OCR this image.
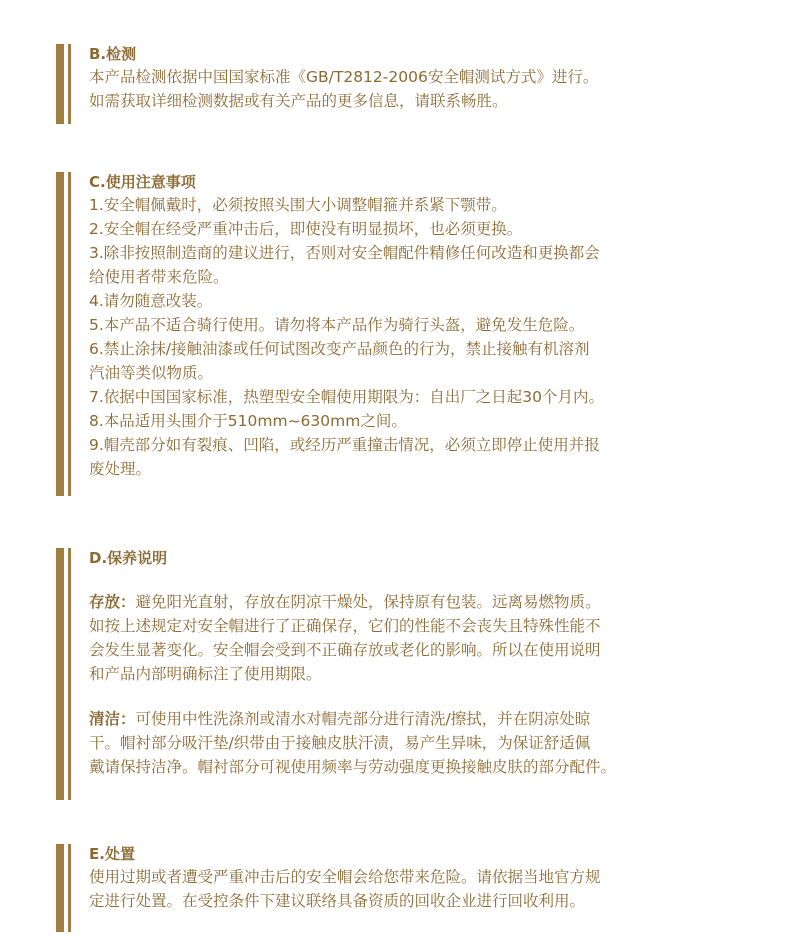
B.检测
本产品检测依据中国国家标准《GB/T2812-2006安全帽测试方式》进行。
如需获取详细检测数据或有关产品的更多信息，请联系畅胜。
C.使用注意事项
1.安全帽佩戴时，必须按照头围大小调整帽箍并系紧下颚带。
2.安全帽在经受严重冲击后，即使没有明显损坏，也必须更换。
3.除非按照制造商的建议进行，否则对安全帽配件精修任何改造和更换都会
给使用者带来危险。
4.请勿随意改装。
5.本产品不适合骑行使用。请勿将本产品作为骑行头盔，避免发生危险。
6.禁止涂抹/接触油漆或任何试图改变产品颜色的行为，禁止接触有机溶剂
汽油等类似物质。
7.依据中国国家标准，热塑型安全帽使用期限为：自出厂之日起30个月内。
8.本品适用头围介于510mm~630mm之间。
9.帽壳部分如有裂痕、凹陷，或经历严重撞击情况，必须立即停止使用并报
废处理。
D.保养说明
存放：避免阳光直射，存放在阴凉干燥处，保持原有包装。远离易燃物质。
如按上述规定对安全帽进行了正确保存，它们的性能不会丧失且特殊性能不
会发生显著变化。安全帽会受到不正确存放或老化的影响。所以在使用说明
和产品内部明确标注了使用期限。
清洁：可使用中性洗涤剂或清水对帽壳部分进行清洗/擦拭，并在阴凉处晾
干。帽衬部分吸汗垫/织带由于接触皮肤汗渍，易产生异味，为保证舒适佩
戴请保持洁净。帽衬部分可视使用频率与劳动强度更换接触皮肤的部分配件。
E.处置
使用过期或者遭受严重冲击后的安全帽会给您带来危险。请依据当地官方规
定进行处置。在受控条件下建议联络具备资质的回收企业进行回收利用。
